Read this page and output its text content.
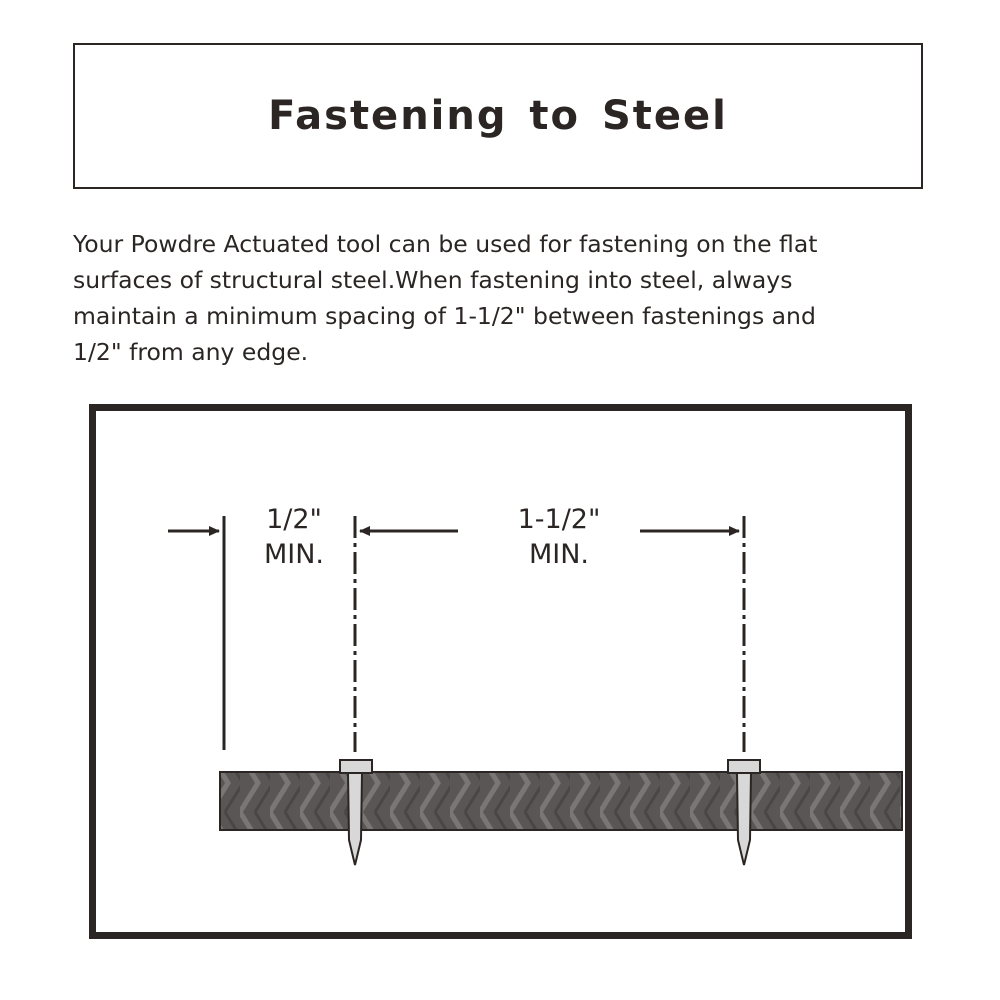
Fastening to Steel
Your Powdre Actuated tool can be used for fastening on the flat
surfaces of structural steel.When fastening into steel, always
maintain a minimum spacing of 1-1/2" between fastenings and
1/2" from any edge.
1/2"
MIN.
1-1/2"
MIN.
